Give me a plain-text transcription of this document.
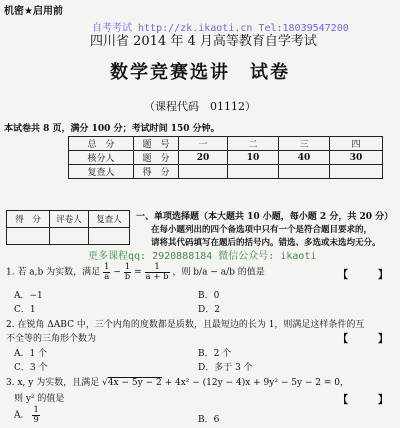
机密★启用前
自考考试 http://zk.ikaoti.cn Tel:18039547200
四川省 2014 年 4 月高等教育自学考试
数学竞赛选讲　试卷
（课程代码　01112）
本试卷共 8 页，满分 100 分；考试时间 150 分钟。
总　分	题　号	一	二	三	四
核分人	题　分	20	10	40	30
复查人	得　分				
得　分	评卷人	复查人
		一、单项选择题（本大题共 10 小题，每小题 2 分，共 20 分）
在每小题列出的四个备选项中只有一个是符合题目要求的，
请将其代码填写在题后的括号内。错选、多选或未选均无分。
更多课程qq: 2920888184 微信公众号: ikaoti
1. 若 a,b 为实数，满足 $\frac{1}{a} - \frac{1}{b} = \frac{1}{a + b}$ ，则 b/a − a/b 的值是	【　　　】
A．−1	B．0
C．1	D．2
2. 在锐角 ΔABC 中，三个内角的度数都是质数，且最短边的长为 1，则满足这样条件的互
不全等的三角形个数为	【　　　】
A．1 个	B．2 个
C．3 个	D．多于 3 个
3. x, y 为实数，且满足 √4x − 5y − 2 + 4x² − (12y − 4)x + 9y² − 5y − 2 = 0，
则 y² 的值是	【　　　】
A． $\frac{1}{9}$	B．6
